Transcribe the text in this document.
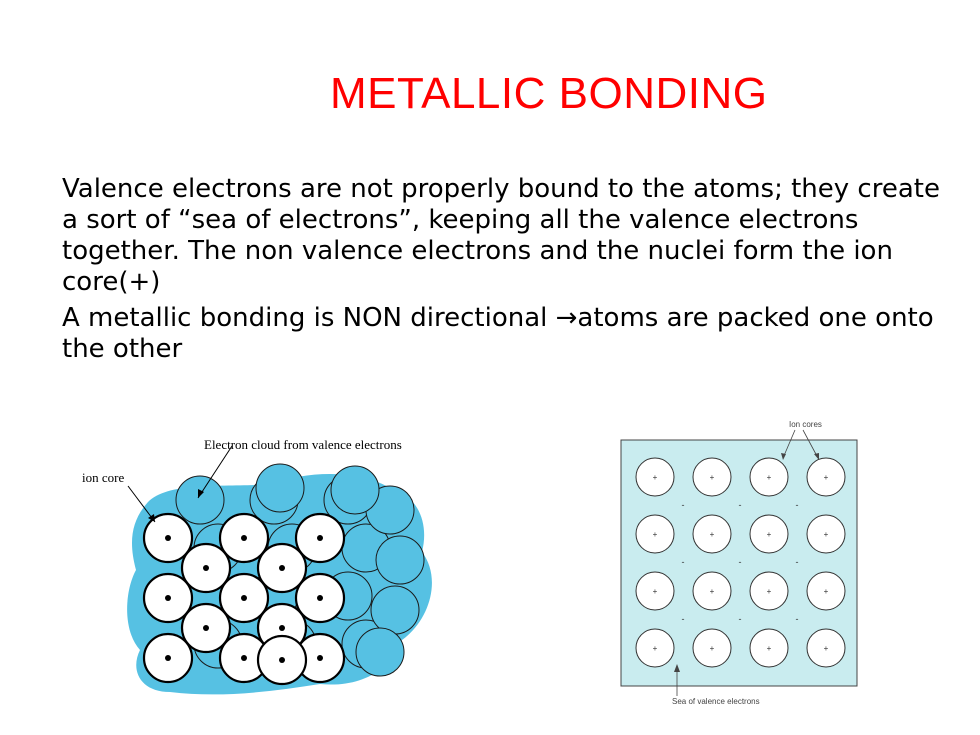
METALLIC BONDING

Valence electrons are not properly bound to the atoms; they create a sort of “sea of electrons”, keeping all the valence electrons together. The non valence electrons and the nuclei form the ion core(+)

A metallic bonding is NON directional →atoms are packed one onto the other

Electron cloud from valence electrons
ion core	+	+	+	+
+	+	+	+
+	+	+	+
+	+	+	+
-	-	-
-	-	-
-	-	-
Ion cores
Sea of valence electrons
